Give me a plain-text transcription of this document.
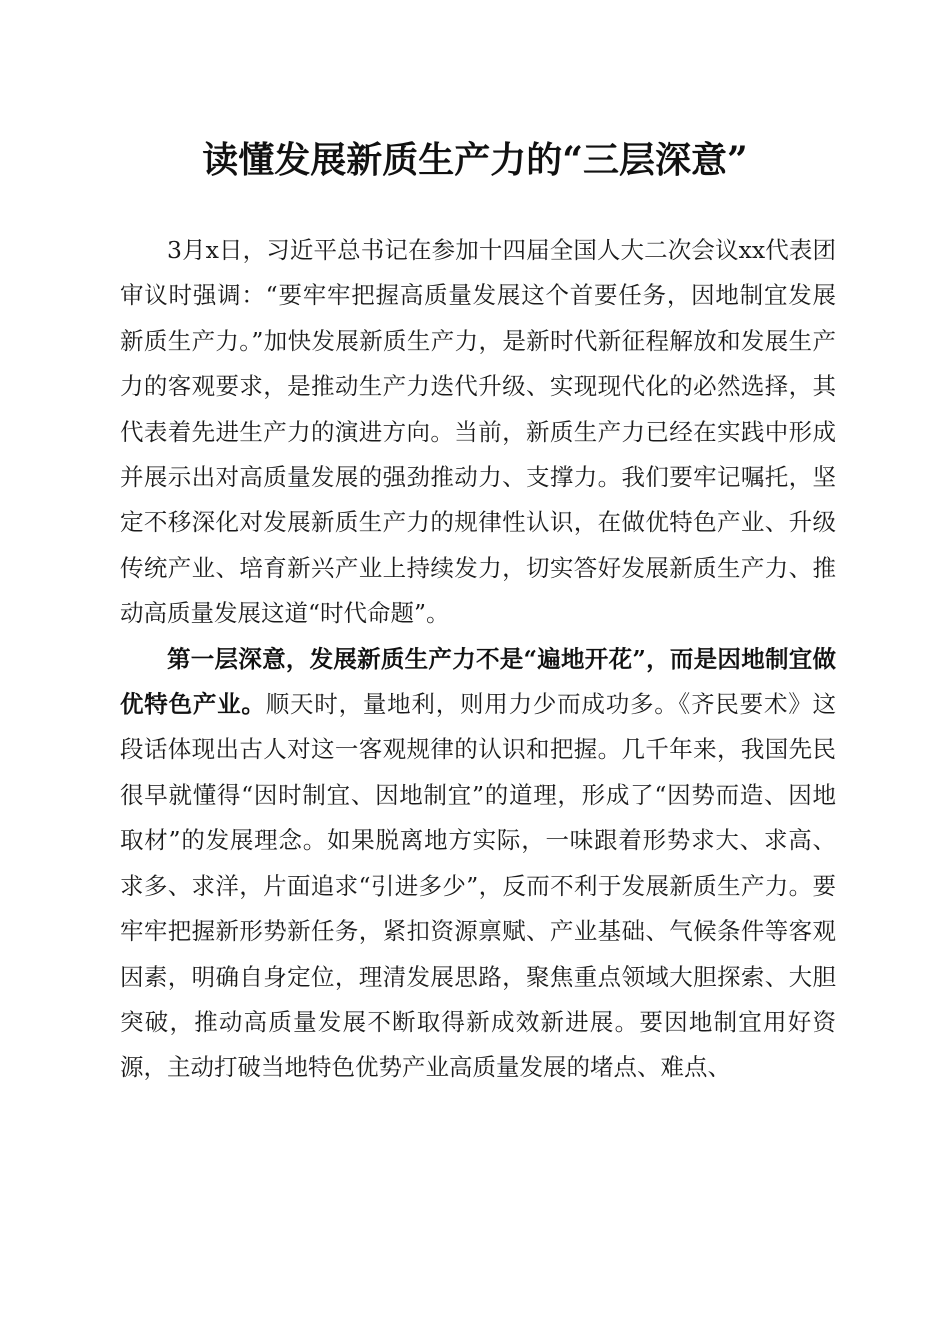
读懂发展新质生产力的“三层深意”

3月x日，习近平总书记在参加十四届全国人大二次会议xx代表团审议时强调：“要牢牢把握高质量发展这个首要任务，因地制宜发展新质生产力。”加快发展新质生产力，是新时代新征程解放和发展生产力的客观要求，是推动生产力迭代升级、实现现代化的必然选择，其代表着先进生产力的演进方向。当前，新质生产力已经在实践中形成并展示出对高质量发展的强劲推动力、支撑力。我们要牢记嘱托，坚定不移深化对发展新质生产力的规律性认识，在做优特色产业、升级传统产业、培育新兴产业上持续发力，切实答好发展新质生产力、推动高质量发展这道“时代命题”。

第一层深意，发展新质生产力不是“遍地开花”，而是因地制宜做优特色产业。顺天时，量地利，则用力少而成功多。《齐民要术》这段话体现出古人对这一客观规律的认识和把握。几千年来，我国先民很早就懂得“因时制宜、因地制宜”的道理，形成了“因势而造、因地取材”的发展理念。如果脱离地方实际，一味跟着形势求大、求高、求多、求洋，片面追求“引进多少”，反而不利于发展新质生产力。要牢牢把握新形势新任务，紧扣资源禀赋、产业基础、气候条件等客观因素，明确自身定位，理清发展思路，聚焦重点领域大胆探索、大胆突破，推动高质量发展不断取得新成效新进展。要因地制宜用好资源，主动打破当地特色优势产业高质量发展的堵点、难点、
